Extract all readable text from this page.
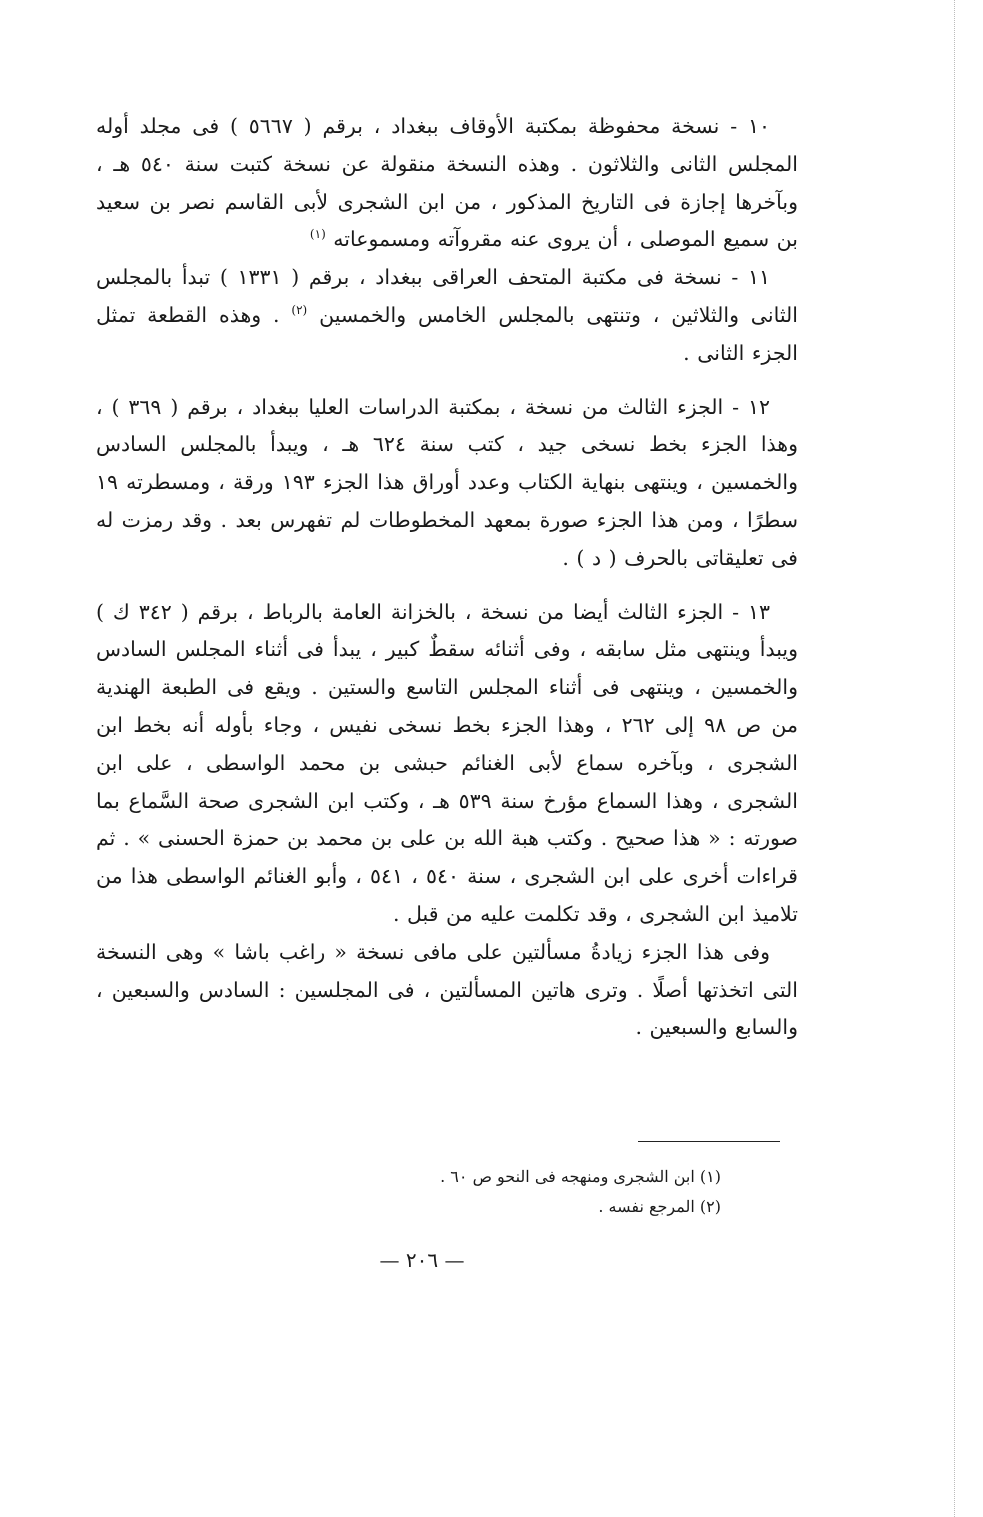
١٠ - نسخة محفوظة بمكتبة الأوقاف ببغداد ، برقم ( ٥٦٦٧ ) فى مجلد أوله المجلس الثانى والثلاثون . وهذه النسخة منقولة عن نسخة كتبت سنة ٥٤٠ هـ ، وبآخرها إجازة فى التاريخ المذكور ، من ابن الشجرى لأبى القاسم نصر بن سعيد بن سميع الموصلى ، أن يروى عنه مقروآته ومسموعاته $^{(١)}$

١١ - نسخة فى مكتبة المتحف العراقى ببغداد ، برقم ( ١٣٣١ ) تبدأ بالمجلس الثانى والثلاثين ، وتنتهى بالمجلس الخامس والخمسين $^{(٢)}$ . وهذه القطعة تمثل الجزء الثانى .

١٢ - الجزء الثالث من نسخة ، بمكتبة الدراسات العليا ببغداد ، برقم ( ٣٦٩ ) ، وهذا الجزء بخط نسخى جيد ، كتب سنة ٦٢٤ هـ ، ويبدأ بالمجلس السادس والخمسين ، وينتهى بنهاية الكتاب وعدد أوراق هذا الجزء ١٩٣ ورقة ، ومسطرته ١٩ سطرًا ، ومن هذا الجزء صورة بمعهد المخطوطات لم تفهرس بعد . وقد رمزت له فى تعليقاتى بالحرف ( د ) .

١٣ - الجزء الثالث أيضا من نسخة ، بالخزانة العامة بالرباط ، برقم ( ٣٤٢ ك ) ويبدأ وينتهى مثل سابقه ، وفى أثنائه سقطٌ كبير ، يبدأ فى أثناء المجلس السادس والخمسين ، وينتهى فى أثناء المجلس التاسع والستين . ويقع فى الطبعة الهندية من ص ٩٨ إلى ٢٦٢ ، وهذا الجزء بخط نسخى نفيس ، وجاء بأوله أنه بخط ابن الشجرى ، وبآخره سماع لأبى الغنائم حبشى بن محمد الواسطى ، على ابن الشجرى ، وهذا السماع مؤرخ سنة ٥٣٩ هـ ، وكتب ابن الشجرى صحة السَّماع بما صورته : « هذا صحيح . وكتب هبة الله بن على بن محمد بن حمزة الحسنى » . ثم قراءات أخرى على ابن الشجرى ، سنة ٥٤٠ ، ٥٤١ ، وأبو الغنائم الواسطى هذا من تلاميذ ابن الشجرى ، وقد تكلمت عليه من قبل .

وفى هذا الجزء زيادةُ مسألتين على مافى نسخة « راغب باشا » وهى النسخة التى اتخذتها أصلًا . وترى هاتين المسألتين ، فى المجلسين : السادس والسبعين ، والسابع والسبعين .

(١) ابن الشجرى ومنهجه فى النحو ص ٦٠ .

(٢) المرجع نفسه .

— ٢٠٦ —
